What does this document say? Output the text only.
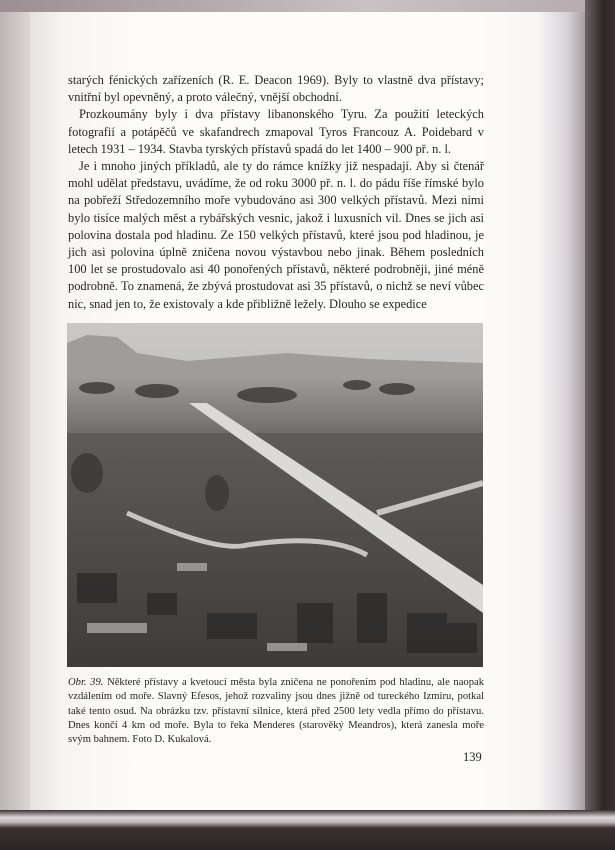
starých fénických zařízeních (R. E. Deacon 1969). Byly to vlastně dva přístavy; vnitřní byl opevněný, a proto válečný, vnější obchodní.

Prozkoumány byly i dva přístavy libanonského Tyru. Za použití leteckých fotografií a potápěčů ve skafandrech zmapoval Tyros Francouz A. Poidebard v letech 1931 – 1934. Stavba tyrských přístavů spadá do let 1400 – 900 př. n. l.

Je i mnoho jiných příkladů, ale ty do rámce knížky již nespadají. Aby si čtenář mohl udělat představu, uvádíme, že od roku 3000 př. n. l. do pádu říše římské bylo na pobřeží Středozemního moře vybudováno asi 300 velkých přístavů. Mezi nimi bylo tisíce malých měst a rybářských vesnic, jakož i luxusních vil. Dnes se jich asi polovina dostala pod hladinu. Ze 150 velkých přístavů, které jsou pod hladinou, je jich asi polovina úplně zničena novou výstavbou nebo jinak. Během posledních 100 let se prostudovalo asi 40 ponořených přístavů, některé podrobněji, jiné méně podrobně. To znamená, že zbývá prostudovat asi 35 přístavů, o nichž se neví vůbec nic, snad jen to, že existovaly a kde přibližně ležely. Dlouho se expedice

Obr. 39. Některé přístavy a kvetoucí města byla zničena ne ponořením pod hladinu, ale naopak vzdálením od moře. Slavný Efesos, jehož rozvaliny jsou dnes jižně od tureckého Izmiru, potkal také tento osud. Na obrázku tzv. přístavní silnice, která před 2500 lety vedla přímo do přístavu. Dnes končí 4 km od moře. Byla to řeka Menderes (starověký Meandros), která zanesla moře svým bahnem. Foto D. Kukalová.
139
